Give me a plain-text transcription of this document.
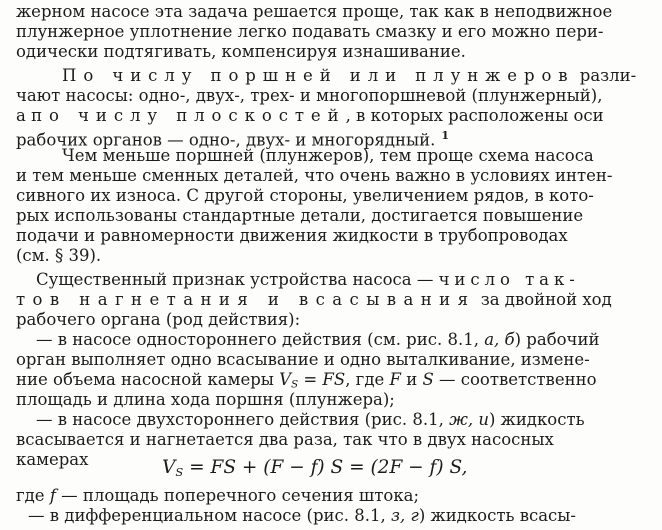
жерном насосе эта задача решается проще, так как в неподвижное
плунжерное уплотнение легко подавать смазку и его можно пери-
одически подтягивать, компенсируя изнашивание.
По числу поршней или плунжеров разли-
чают насосы: одно-, двух-, трех- и многопоршневой (плунжерный),
а по числу плоскостей, в которых расположены оси
рабочих органов — одно-, двух- и многорядный. $^1$
Чем меньше поршней (плунжеров), тем проще схема насоса
и тем меньше сменных деталей, что очень важно в условиях интен-
сивного их износа. С другой стороны, увеличением рядов, в кото-
рых использованы стандартные детали, достигается повышение
подачи и равномерности движения жидкости в трубопроводах
(см. § 39).
Существенный признак устройства насоса — число так-
тов нагнетания и всасывания за двойной ход
рабочего органа (род действия):
— в насосе одностороннего действия (см. рис. 8.1, а, б) рабочий
орган выполняет одно всасывание и одно выталкивание, измене-
ние объема насосной камеры $V_S$ = FS, где F и S — соответственно
площадь и длина хода поршня (плунжера);
— в насосе двухстороннего действия (рис. 8.1, ж, и) жидкость
всасывается и нагнетается два раза, так что в двух насосных
камерах	$V_S$ = FS + (F − f) S = (2F − f) S,
где f — площадь поперечного сечения штока;
— в дифференциальном насосе (рис. 8.1, з, г) жидкость всасы-
